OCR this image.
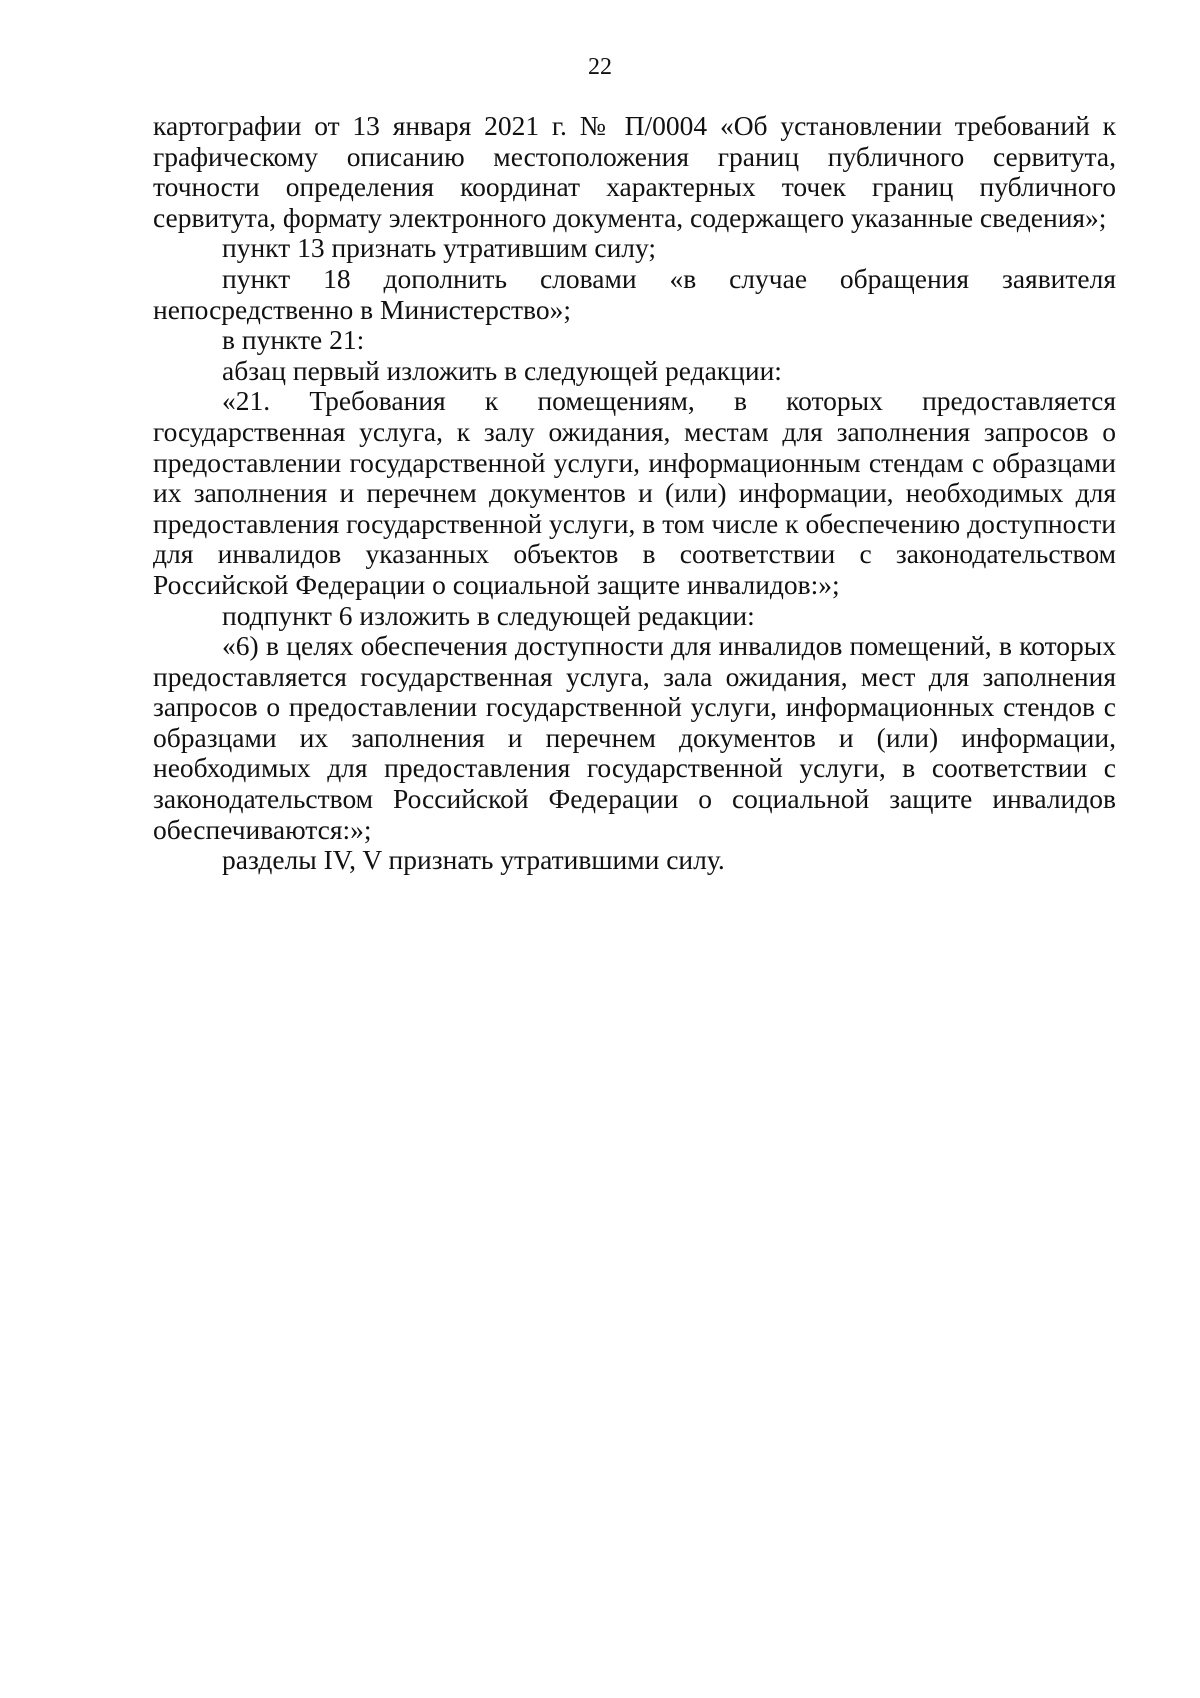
22

картографии от 13 января 2021 г. № П/0004 «Об установлении требований к графическому описанию местоположения границ публичного сервитута, точности определения координат характерных точек границ публичного сервитута, формату электронного документа, содержащего указанные сведения»;

пункт 13 признать утратившим силу;

пункт 18 дополнить словами «в случае обращения заявителя непосредственно в Министерство»;

в пункте 21:

абзац первый изложить в следующей редакции:

«21. Требования к помещениям, в которых предоставляется государственная услуга, к залу ожидания, местам для заполнения запросов о предоставлении государственной услуги, информационным стендам с образцами их заполнения и перечнем документов и (или) информации, необходимых для предоставления государственной услуги, в том числе к обеспечению доступности для инвалидов указанных объектов в соответствии с законодательством Российской Федерации о социальной защите инвалидов:»;

подпункт 6 изложить в следующей редакции:

«6) в целях обеспечения доступности для инвалидов помещений, в которых предоставляется государственная услуга, зала ожидания, мест для заполнения запросов о предоставлении государственной услуги, информационных стендов с образцами их заполнения и перечнем документов и (или) информации, необходимых для предоставления государственной услуги, в соответствии с законодательством Российской Федерации о социальной защите инвалидов обеспечиваются:»;

разделы IV, V признать утратившими силу.
